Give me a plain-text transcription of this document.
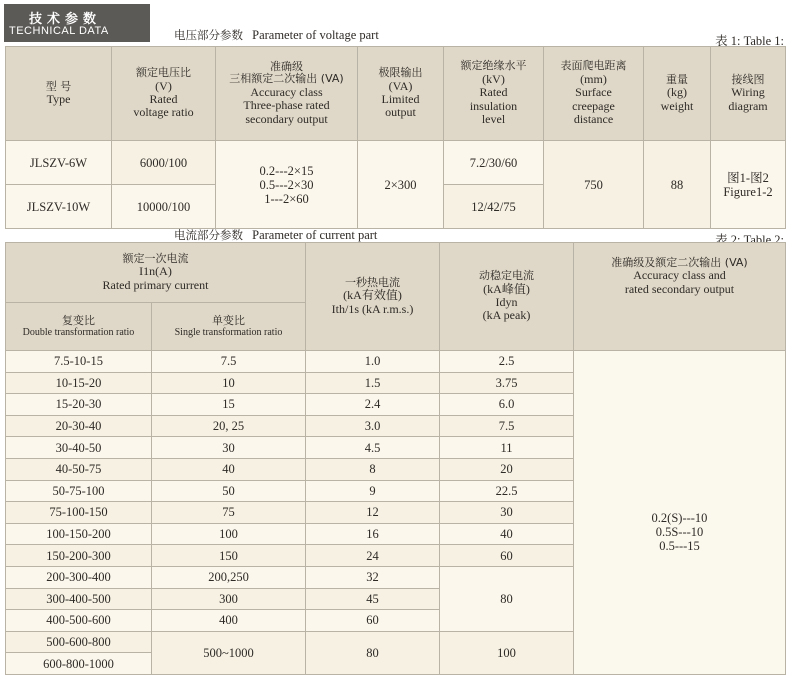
技术参数
TECHNICAL DATA	电压部分参数 Parameter of voltage part	表 1: Table 1:
型 号
Type	额定电压比
(V)
Rated
voltage ratio	准确级
三相额定二次输出 (VA)
Accuracy class
Three-phase rated
secondary output	极限输出
(VA)
Limited
output	额定绝缘水平
(kV)
Rated
insulation
level	表面爬电距离
(mm)
Surface
creepage
distance	重量
(kg)
weight	接线图
Wiring
diagram

JLSZV-6W	6000/100	0.2---2×15
0.5---2×30
1---2×60	2×300	7.2/30/60	750	88	图1-图2
Figure1-2

JLSZV-10W	10000/100			12/42/75			
电流部分参数 Parameter of current part	表 2: Table 2:
额定一次电流
I1n(A)
Rated primary current		一秒热电流
(kA有效值)
Ith/1s (kA r.m.s.)	动稳定电流
(kA峰值)
Idyn
(kA peak)	准确级及额定二次输出 (VA)
Accuracy class and
rated secondary output

复变比
Double transformation ratio	单变比
Single transformation ratio			

7.5-10-15	7.5	1.0	2.5	0.2(S)---10
0.5S---10
0.5---15

10-15-20	10	1.5	3.75	
15-20-30	15	2.4	6.0	
20-30-40	20, 25	3.0	7.5	
30-40-50	30	4.5	11	
40-50-75	40	8	20	
50-75-100	50	9	22.5	
75-100-150	75	12	30	
100-150-200	100	16	40	
150-200-300	150	24	60	
200-300-400	200,250	32	80	
300-400-500	300	45		
400-500-600	400	60		
500-600-800	500~1000	80	100	
600-800-1000				
